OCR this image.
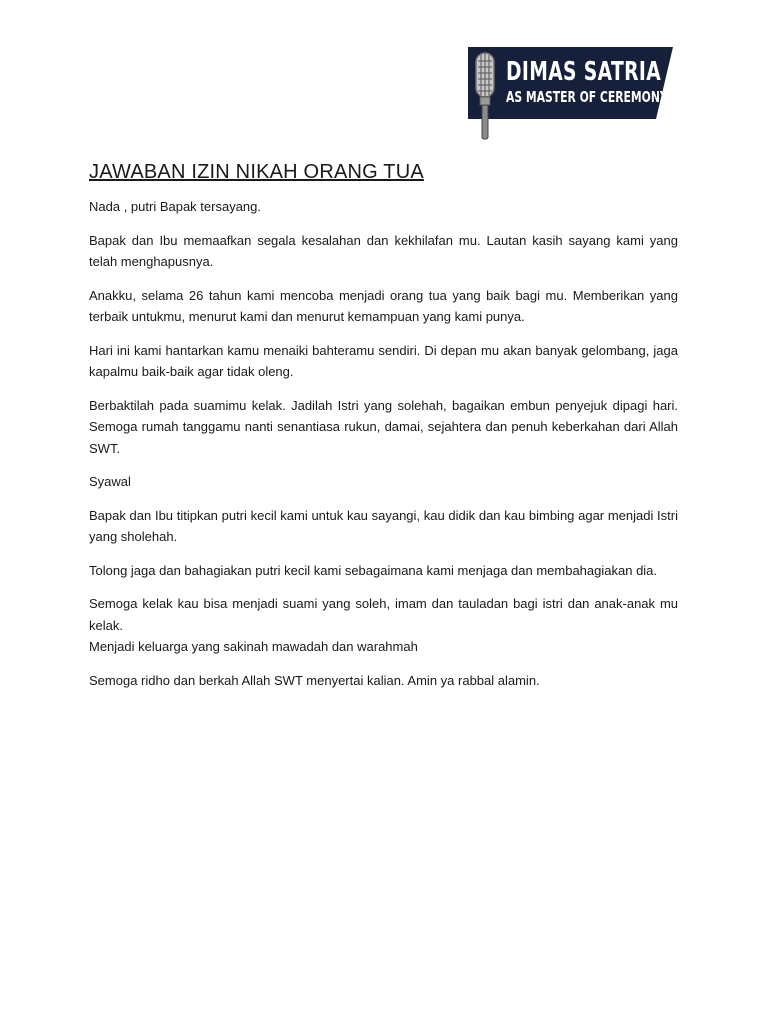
DIMAS SATRIA
AS MASTER OF CEREMONY
JAWABAN IZIN NIKAH ORANG TUA

Nada , putri Bapak tersayang.

Bapak dan Ibu memaafkan segala kesalahan dan kekhilafan mu. Lautan kasih sayang kami yang telah menghapusnya.

Anakku, selama 26 tahun kami mencoba menjadi orang tua yang baik bagi mu. Memberikan yang terbaik untukmu, menurut kami dan menurut kemampuan yang kami punya.

Hari ini kami hantarkan kamu menaiki bahteramu sendiri. Di depan mu akan banyak gelombang, jaga kapalmu baik-baik agar tidak oleng.

Berbaktilah pada suamimu kelak. Jadilah Istri yang solehah, bagaikan embun penyejuk dipagi hari. Semoga rumah tanggamu nanti senantiasa rukun, damai, sejahtera dan penuh keberkahan dari Allah SWT.

Syawal

Bapak dan Ibu titipkan putri kecil kami untuk kau sayangi, kau didik dan kau bimbing agar menjadi Istri yang sholehah.

Tolong jaga dan bahagiakan putri kecil kami sebagaimana kami menjaga dan membahagiakan dia.

Semoga kelak kau bisa menjadi suami yang soleh, imam dan tauladan bagi istri dan anak-anak mu kelak.

Menjadi keluarga yang sakinah mawadah dan warahmah

Semoga ridho dan berkah Allah SWT menyertai kalian. Amin ya rabbal alamin.
